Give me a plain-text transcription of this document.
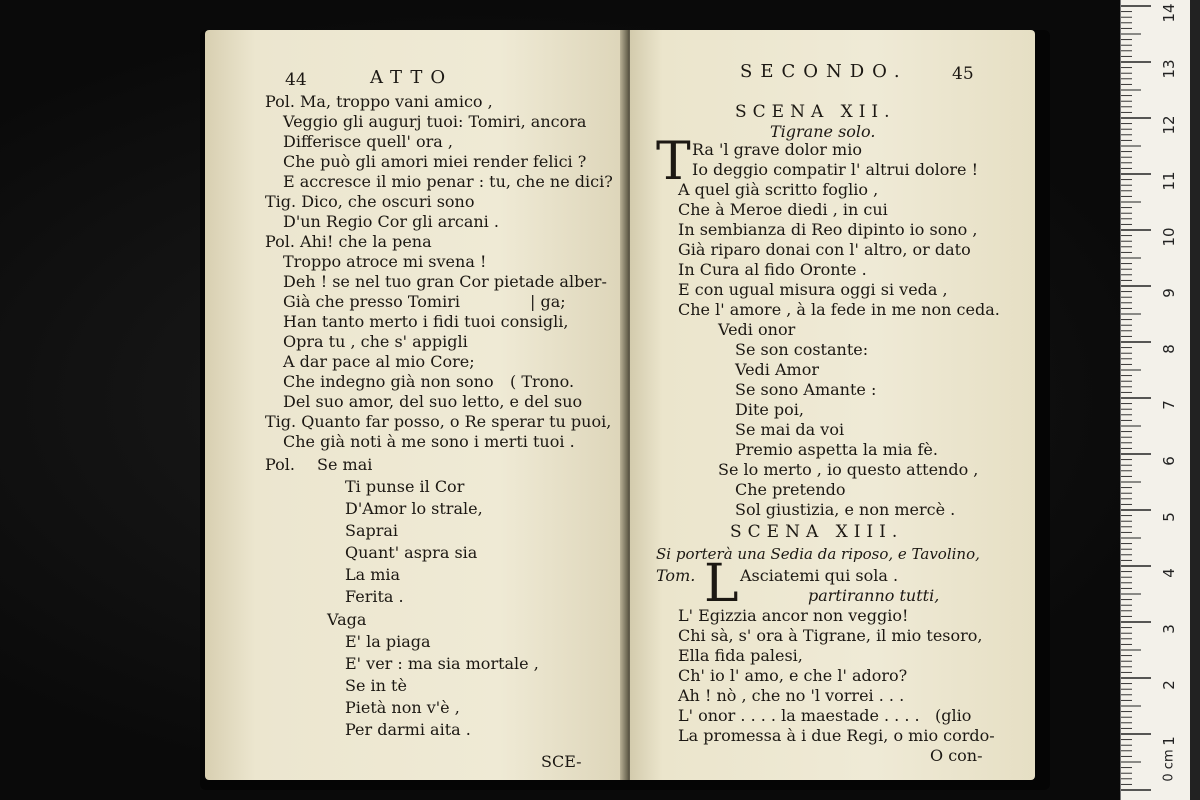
44	ATTO
Pol. Ma, troppo vani amico ,
Veggio gli augurj tuoi: Tomiri, ancora
Differisce quell' ora ,
Che può gli amori miei render felici ?
E accresce il mio penar : tu, che ne dici?
Tig. Dico, che oscuri sono
D'un Regio Cor gli arcani .
Pol. Ahi! che la pena
Troppo atroce mi svena !
Deh ! se nel tuo gran Cor pietade alber-
Già che presso Tomiri	| ga;
Han tanto merto i fidi tuoi consigli,
Opra tu , che s' appigli
A dar pace al mio Core;
Che indegno già non sono ( Trono.
Del suo amor, del suo letto, e del suo
Tig. Quanto far posso, o Re sperar tu puoi,
Che già noti à me sono i merti tuoi .
Pol. Se mai
Ti punse il Cor
D'Amor lo strale,
Saprai
Quant' aspra sia
La mia
Ferita .
Vaga
E' la piaga
E' ver : ma sia mortale ,
Se in tè
Pietà non v'è ,
Per darmi aita .
SCE-
SECONDO.	45
SCENA XII.
Tigrane solo.
T Ra 'l grave dolor mio
Io deggio compatir l' altrui dolore !
A quel già scritto foglio ,
Che à Meroe diedi , in cui
In sembianza di Reo dipinto io sono ,
Già riparo donai con l' altro, or dato
In Cura al fido Oronte .
E con ugual misura oggi si veda ,
Che l' amore , à la fede in me non ceda.
Vedi onor
Se son costante:
Vedi Amor
Se sono Amante :
Dite poi,
Se mai da voi
Premio aspetta la mia fè.
Se lo merto , io questo attendo ,
Che pretendo
Sol giustizia, e non mercè .
SCENA XIII.
Si porterà una Sedia da riposo, e Tavolino,
Tom. L Asciatemi qui sola .
partiranno tutti,
L' Egizzia ancor non veggio!
Chi sà, s' ora à Tigrane, il mio tesoro,
Ella fida palesi,
Ch' io l' amo, e che l' adoro?
Ah ! nò , che no 'l vorrei . . .
L' onor . . . . la maestade . . . . (glio
La promessa à i due Regi, o mio cordo-
O con-
1
2
3
4
5
6
7
8
9
10
11
12
13
14
0 cm
